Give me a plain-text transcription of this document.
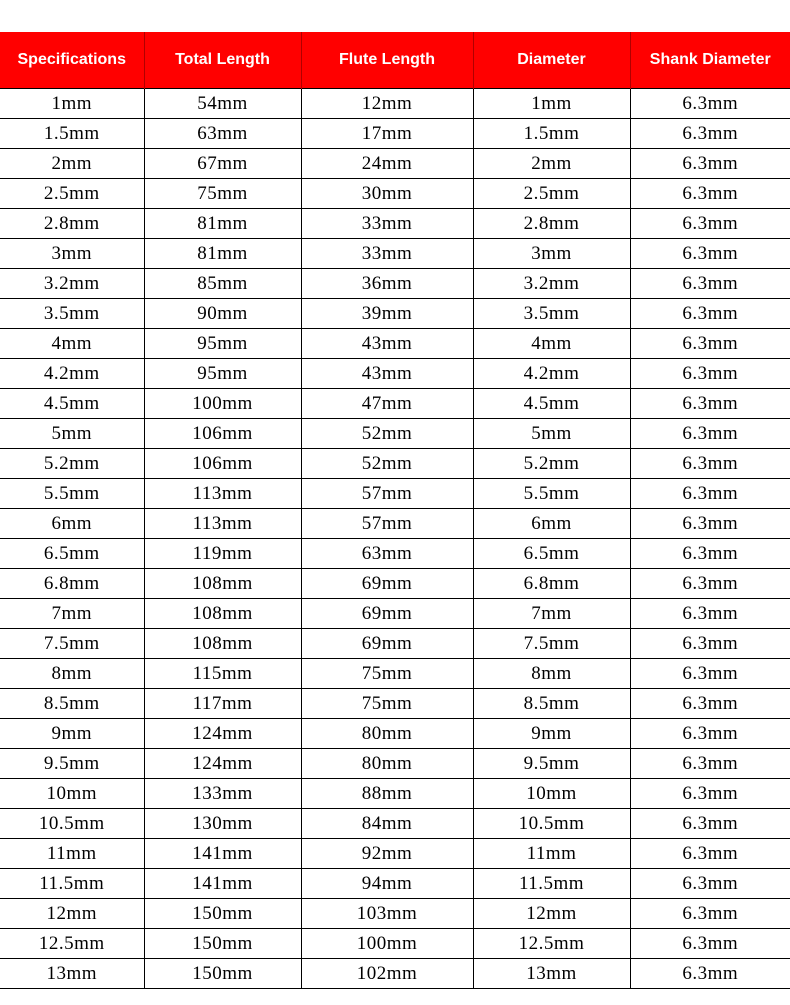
Specifications	Total Length	Flute Length	Diameter	Shank Diameter
1mm	54mm	12mm	1mm	6.3mm
1.5mm	63mm	17mm	1.5mm	6.3mm
2mm	67mm	24mm	2mm	6.3mm
2.5mm	75mm	30mm	2.5mm	6.3mm
2.8mm	81mm	33mm	2.8mm	6.3mm
3mm	81mm	33mm	3mm	6.3mm
3.2mm	85mm	36mm	3.2mm	6.3mm
3.5mm	90mm	39mm	3.5mm	6.3mm
4mm	95mm	43mm	4mm	6.3mm
4.2mm	95mm	43mm	4.2mm	6.3mm
4.5mm	100mm	47mm	4.5mm	6.3mm
5mm	106mm	52mm	5mm	6.3mm
5.2mm	106mm	52mm	5.2mm	6.3mm
5.5mm	113mm	57mm	5.5mm	6.3mm
6mm	113mm	57mm	6mm	6.3mm
6.5mm	119mm	63mm	6.5mm	6.3mm
6.8mm	108mm	69mm	6.8mm	6.3mm
7mm	108mm	69mm	7mm	6.3mm
7.5mm	108mm	69mm	7.5mm	6.3mm
8mm	115mm	75mm	8mm	6.3mm
8.5mm	117mm	75mm	8.5mm	6.3mm
9mm	124mm	80mm	9mm	6.3mm
9.5mm	124mm	80mm	9.5mm	6.3mm
10mm	133mm	88mm	10mm	6.3mm
10.5mm	130mm	84mm	10.5mm	6.3mm
11mm	141mm	92mm	11mm	6.3mm
11.5mm	141mm	94mm	11.5mm	6.3mm
12mm	150mm	103mm	12mm	6.3mm
12.5mm	150mm	100mm	12.5mm	6.3mm
13mm	150mm	102mm	13mm	6.3mm
